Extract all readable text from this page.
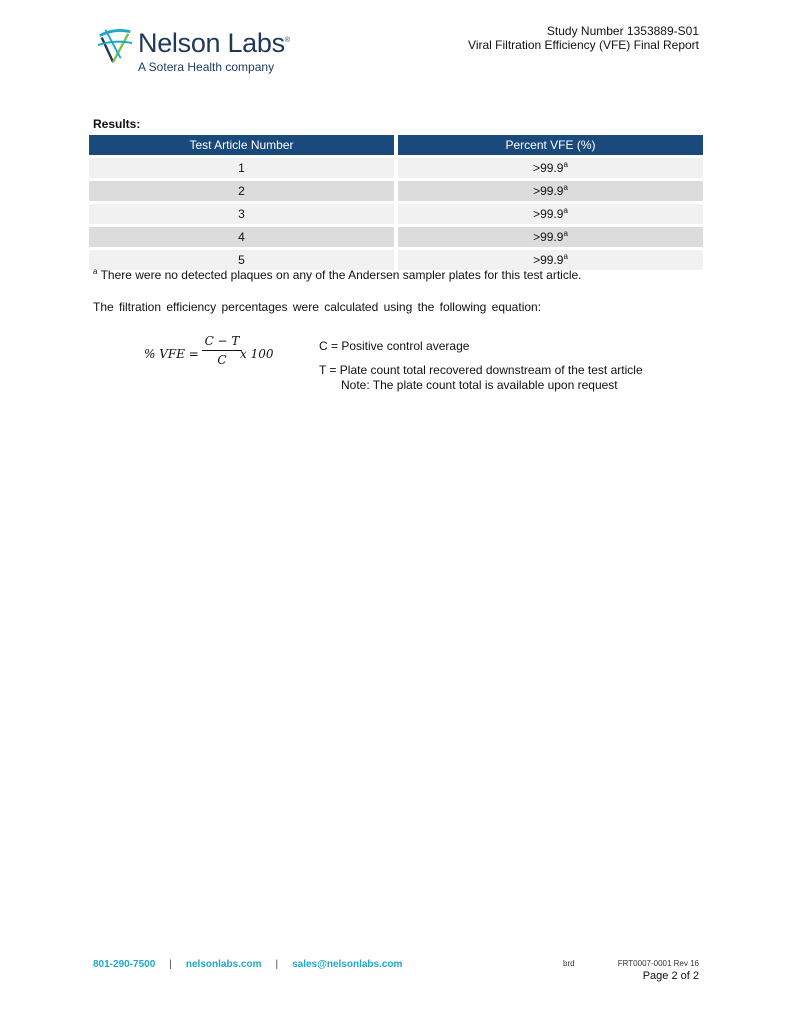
Nelson Labs®
A Sotera Health company
Study Number 1353889-S01
Viral Filtration Efficiency (VFE) Final Report
Results:
Test Article Number	Percent VFE (%)
1	>99.9$^a$
2	>99.9$^a$
3	>99.9$^a$
4	>99.9$^a$
5	>99.9$^a$
$^a$ There were no detected plaques on any of the Andersen sampler plates for this test article.
The filtration efficiency percentages were calculated using the following equation:
% VFE =
C − T
C	x 100
C = Positive control average
T = Plate count total recovered downstream of the test article
Note: The plate count total is available upon request
801-290-7500 | nelsonlabs.com | sales@nelsonlabs.com	brd	FRT0007-0001 Rev 16
Page 2 of 2
